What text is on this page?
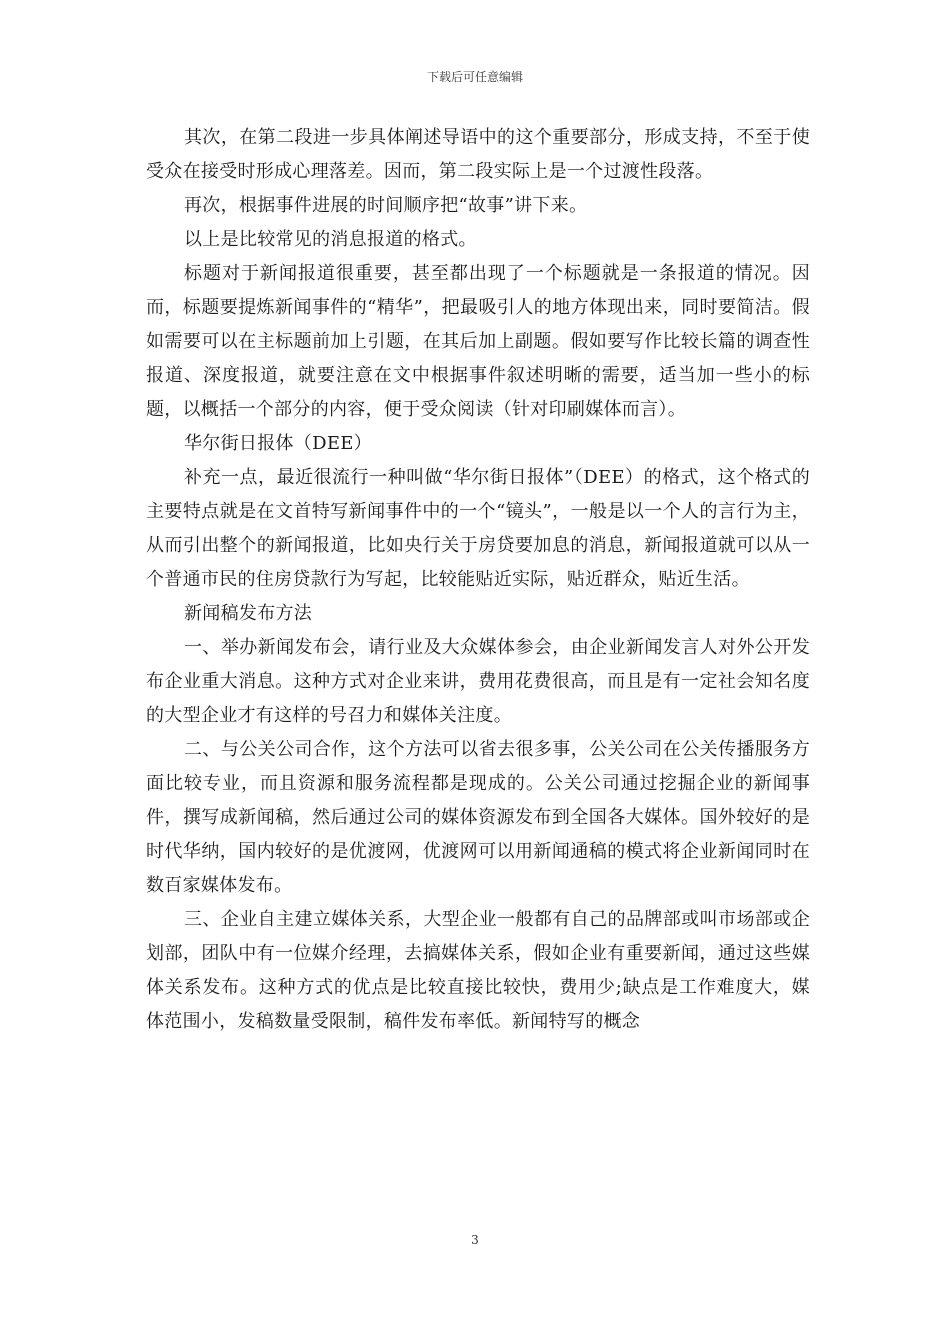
下载后可任意编辑

其次，在第二段进一步具体阐述导语中的这个重要部分，形成支持，不至于使受众在接受时形成心理落差。因而，第二段实际上是一个过渡性段落。

再次，根据事件进展的时间顺序把“故事”讲下来。

以上是比较常见的消息报道的格式。

标题对于新闻报道很重要，甚至都出现了一个标题就是一条报道的情况。因而，标题要提炼新闻事件的“精华”，把最吸引人的地方体现出来，同时要简洁。假如需要可以在主标题前加上引题，在其后加上副题。假如要写作比较长篇的调查性报道、深度报道，就要注意在文中根据事件叙述明晰的需要，适当加一些小的标题，以概括一个部分的内容，便于受众阅读（针对印刷媒体而言）。

华尔街日报体（DEE）

补充一点，最近很流行一种叫做“华尔街日报体”（DEE）的格式，这个格式的主要特点就是在文首特写新闻事件中的一个“镜头”，一般是以一个人的言行为主，从而引出整个的新闻报道，比如央行关于房贷要加息的消息，新闻报道就可以从一个普通市民的住房贷款行为写起，比较能贴近实际，贴近群众，贴近生活。

新闻稿发布方法

一、举办新闻发布会，请行业及大众媒体参会，由企业新闻发言人对外公开发布企业重大消息。这种方式对企业来讲，费用花费很高，而且是有一定社会知名度的大型企业才有这样的号召力和媒体关注度。

二、与公关公司合作，这个方法可以省去很多事，公关公司在公关传播服务方面比较专业，而且资源和服务流程都是现成的。公关公司通过挖掘企业的新闻事件，撰写成新闻稿，然后通过公司的媒体资源发布到全国各大媒体。国外较好的是时代华纳，国内较好的是优渡网，优渡网可以用新闻通稿的模式将企业新闻同时在数百家媒体发布。

三、企业自主建立媒体关系，大型企业一般都有自己的品牌部或叫市场部或企划部，团队中有一位媒介经理，去搞媒体关系，假如企业有重要新闻，通过这些媒体关系发布。这种方式的优点是比较直接比较快，费用少;缺点是工作难度大，媒体范围小，发稿数量受限制，稿件发布率低。新闻特写的概念

3
